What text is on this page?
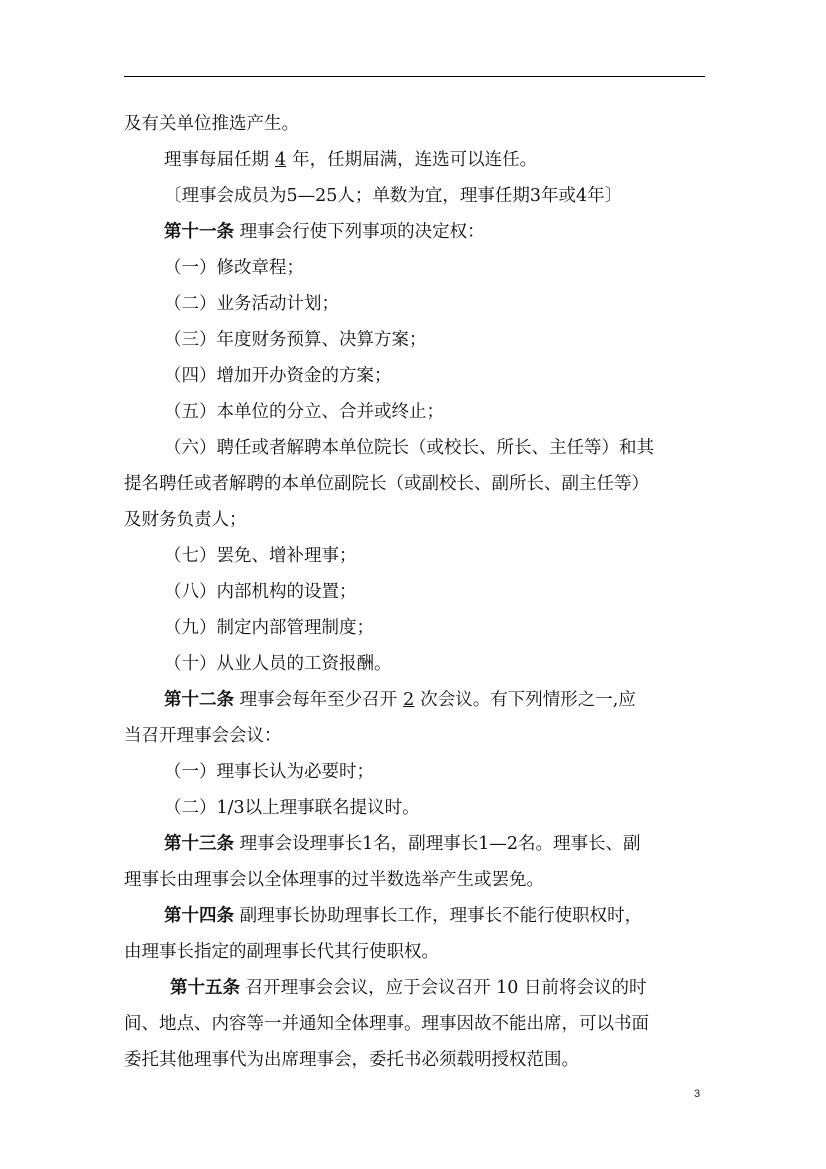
及有关单位推选产生。
理事每届任期 4 年，任期届满，连选可以连任。
〔理事会成员为5—25人；单数为宜，理事任期3年或4年〕
第十一条 理事会行使下列事项的决定权：
（一）修改章程；
（二）业务活动计划；
（三）年度财务预算、决算方案；
（四）增加开办资金的方案；
（五）本单位的分立、合并或终止；
（六）聘任或者解聘本单位院长（或校长、所长、主任等）和其
提名聘任或者解聘的本单位副院长（或副校长、副所长、副主任等）
及财务负责人；
（七）罢免、增补理事；
（八）内部机构的设置；
（九）制定内部管理制度；
（十）从业人员的工资报酬。
第十二条 理事会每年至少召开 2 次会议。有下列情形之一,应
当召开理事会会议：
（一）理事长认为必要时；
（二）1/3以上理事联名提议时。
第十三条 理事会设理事长1名，副理事长1—2名。理事长、副
理事长由理事会以全体理事的过半数选举产生或罢免。
第十四条 副理事长协助理事长工作，理事长不能行使职权时，
由理事长指定的副理事长代其行使职权。
第十五条 召开理事会会议，应于会议召开 10 日前将会议的时
间、地点、内容等一并通知全体理事。理事因故不能出席，可以书面
委托其他理事代为出席理事会，委托书必须载明授权范围。
3
